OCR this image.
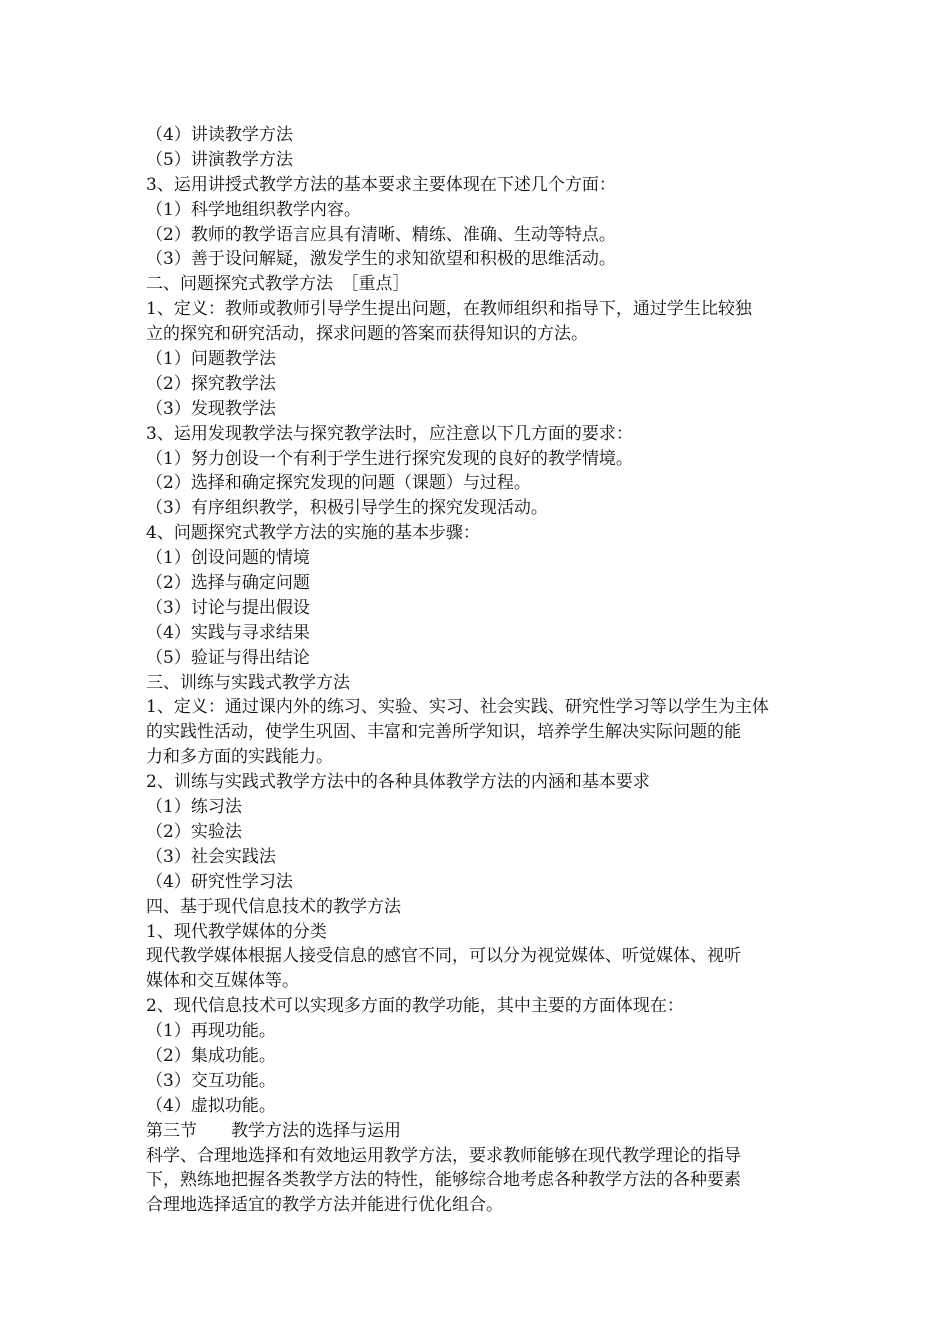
（4）讲读教学方法
（5）讲演教学方法
3、运用讲授式教学方法的基本要求主要体现在下述几个方面：
（1）科学地组织教学内容。
（2）教师的教学语言应具有清晰、精练、准确、生动等特点。
（3）善于设问解疑，激发学生的求知欲望和积极的思维活动。
二、问题探究式教学方法　［重点］
1、定义：教师或教师引导学生提出问题，在教师组织和指导下，通过学生比较独
立的探究和研究活动，探求问题的答案而获得知识的方法。
（1）问题教学法
（2）探究教学法
（3）发现教学法
3、运用发现教学法与探究教学法时，应注意以下几方面的要求：
（1）努力创设一个有利于学生进行探究发现的良好的教学情境。
（2）选择和确定探究发现的问题（课题）与过程。
（3）有序组织教学，积极引导学生的探究发现活动。
4、问题探究式教学方法的实施的基本步骤：
（1）创设问题的情境
（2）选择与确定问题
（3）讨论与提出假设
（4）实践与寻求结果
（5）验证与得出结论
三、训练与实践式教学方法
1、定义：通过课内外的练习、实验、实习、社会实践、研究性学习等以学生为主体
的实践性活动，使学生巩固、丰富和完善所学知识，培养学生解决实际问题的能
力和多方面的实践能力。
2、训练与实践式教学方法中的各种具体教学方法的内涵和基本要求
（1）练习法
（2）实验法
（3）社会实践法
（4）研究性学习法
四、基于现代信息技术的教学方法
1、现代教学媒体的分类
现代教学媒体根据人接受信息的感官不同，可以分为视觉媒体、听觉媒体、视听
媒体和交互媒体等。
2、现代信息技术可以实现多方面的教学功能，其中主要的方面体现在：
（1）再现功能。
（2）集成功能。
（3）交互功能。
（4）虚拟功能。
第三节　　教学方法的选择与运用
科学、合理地选择和有效地运用教学方法，要求教师能够在现代教学理论的指导
下，熟练地把握各类教学方法的特性，能够综合地考虑各种教学方法的各种要素
合理地选择适宜的教学方法并能进行优化组合。
